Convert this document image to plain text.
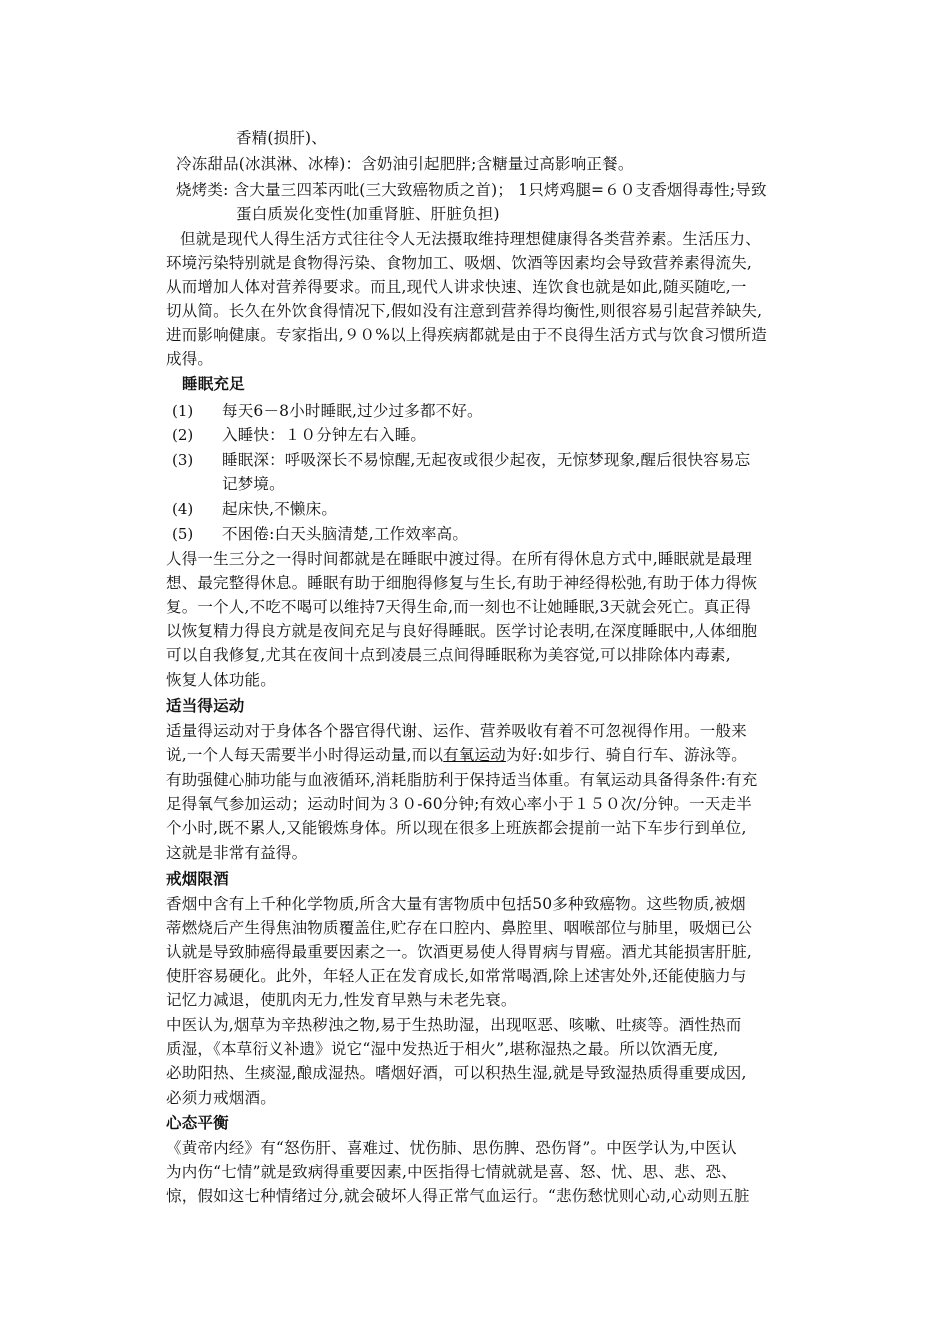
香精(损肝)、
冷冻甜品(冰淇淋、冰棒)：含奶油引起肥胖;含糖量过高影响正餐。
烧烤类: 含大量三四苯丙吡(三大致癌物质之首)； 1只烤鸡腿=６０支香烟得毒性;导致
蛋白质炭化变性(加重肾脏、肝脏负担)
但就是现代人得生活方式往往令人无法摄取维持理想健康得各类营养素。生活压力、
环境污染特别就是食物得污染、食物加工、吸烟、饮酒等因素均会导致营养素得流失,
从而增加人体对营养得要求。而且,现代人讲求快速、连饮食也就是如此,随买随吃,一
切从简。长久在外饮食得情况下,假如没有注意到营养得均衡性,则很容易引起营养缺失,
进而影响健康。专家指出,９０%以上得疾病都就是由于不良得生活方式与饮食习惯所造
成得。
睡眠充足
(1) 每天6－8小时睡眠,过少过多都不好。
(2) 入睡快：１０分钟左右入睡。
(3) 睡眠深：呼吸深长不易惊醒,无起夜或很少起夜，无惊梦现象,醒后很快容易忘
记梦境。
(4) 起床快,不懒床。
(5) 不困倦:白天头脑清楚,工作效率高。
人得一生三分之一得时间都就是在睡眠中渡过得。在所有得休息方式中,睡眠就是最理
想、最完整得休息。睡眠有助于细胞得修复与生长,有助于神经得松弛,有助于体力得恢
复。一个人,不吃不喝可以维持7天得生命,而一刻也不让她睡眠,3天就会死亡。真正得
以恢复精力得良方就是夜间充足与良好得睡眠。医学讨论表明,在深度睡眠中,人体细胞
可以自我修复,尤其在夜间十点到凌晨三点间得睡眠称为美容觉,可以排除体内毒素,
恢复人体功能。
适当得运动
适量得运动对于身体各个器官得代谢、运作、营养吸收有着不可忽视得作用。一般来
说,一个人每天需要半小时得运动量,而以有氧运动为好:如步行、骑自行车、游泳等。
有助强健心肺功能与血液循环,消耗脂肪利于保持适当体重。有氧运动具备得条件:有充
足得氧气参加运动；运动时间为３０-60分钟;有效心率小于１５０次/分钟。一天走半
个小时,既不累人,又能锻炼身体。所以现在很多上班族都会提前一站下车步行到单位,
这就是非常有益得。
戒烟限酒
香烟中含有上千种化学物质,所含大量有害物质中包括50多种致癌物。这些物质,被烟
蒂燃烧后产生得焦油物质覆盖住,贮存在口腔内、鼻腔里、咽喉部位与肺里，吸烟已公
认就是导致肺癌得最重要因素之一。饮酒更易使人得胃病与胃癌。酒尤其能损害肝脏,
使肝容易硬化。此外，年轻人正在发育成长,如常常喝酒,除上述害处外,还能使脑力与
记忆力减退，使肌肉无力,性发育早熟与未老先衰。
中医认为,烟草为辛热秽浊之物,易于生热助湿，出现呕恶、咳嗽、吐痰等。酒性热而
质湿，《本草衍义补遗》说它“湿中发热近于相火”,堪称湿热之最。所以饮酒无度,
必助阳热、生痰湿,酿成湿热。嗜烟好酒，可以积热生湿,就是导致湿热质得重要成因,
必须力戒烟酒。
心态平衡
《黄帝内经》有“怒伤肝、喜难过、忧伤肺、思伤脾、恐伤肾”。中医学认为,中医认
为内伤“七情”就是致病得重要因素,中医指得七情就就是喜、怒、忧、思、悲、恐、
惊，假如这七种情绪过分,就会破坏人得正常气血运行。“悲伤愁忧则心动,心动则五脏
